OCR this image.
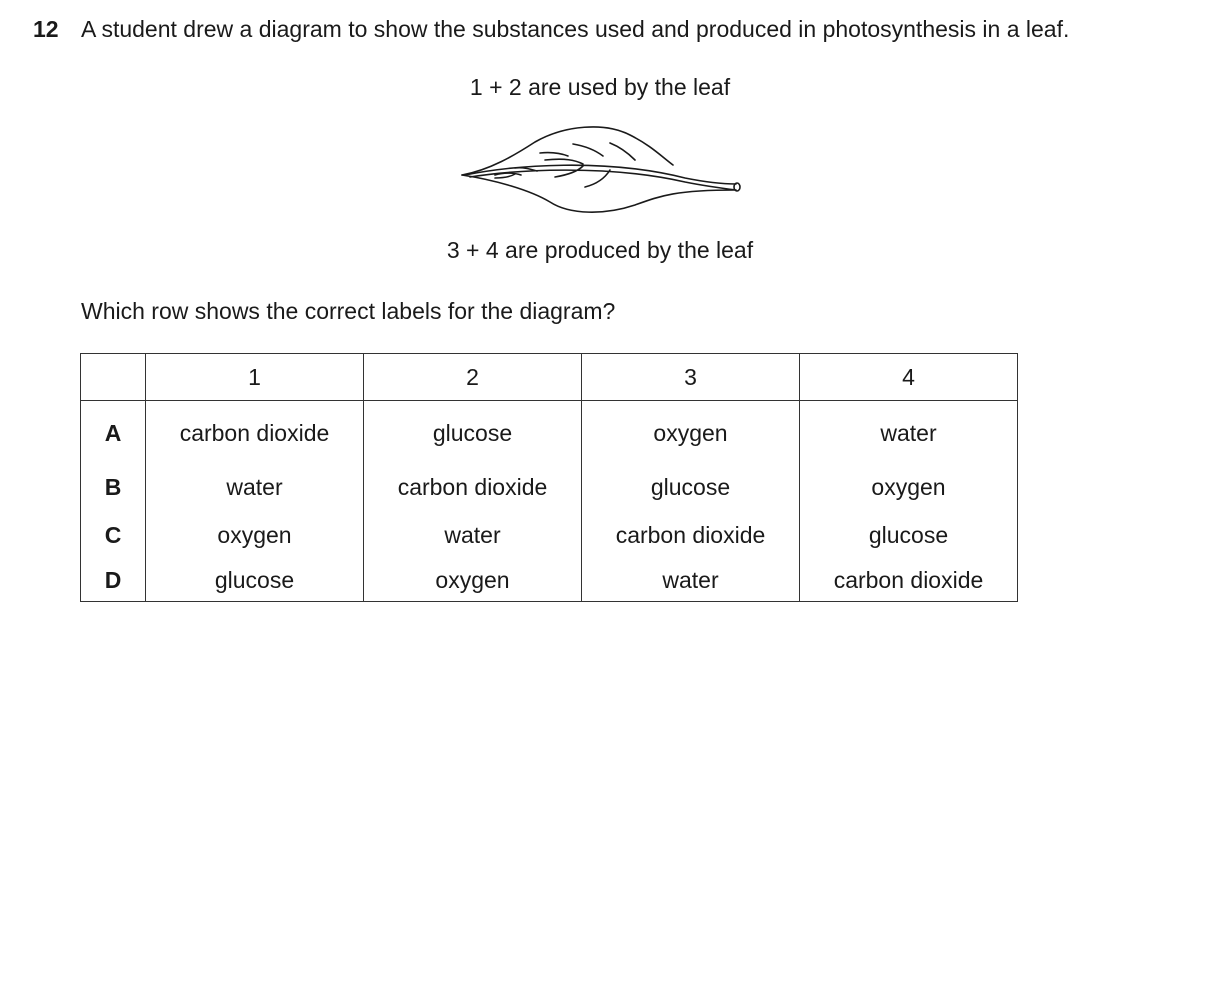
12 A student drew a diagram to show the substances used and produced in photosynthesis in a leaf.
1 + 2 are used by the leaf
3 + 4 are produced by the leaf
Which row shows the correct labels for the diagram?
	1	2	3	4
A	carbon dioxide	glucose	oxygen	water
B	water	carbon dioxide	glucose	oxygen
C	oxygen	water	carbon dioxide	glucose
D	glucose	oxygen	water	carbon dioxide
